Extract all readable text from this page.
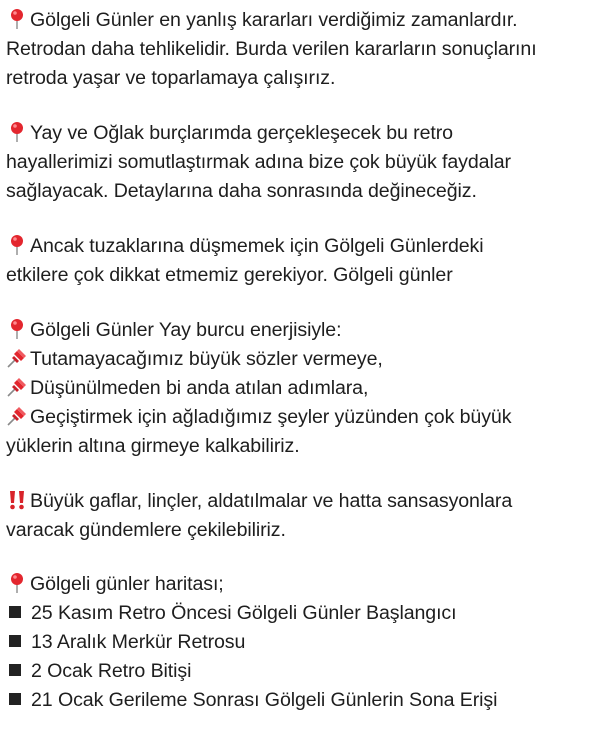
Gölgeli Günler en yanlış kararları verdiğimiz zamanlardır.
Retrodan daha tehlikelidir. Burda verilen kararların sonuçlarını
retroda yaşar ve toparlamaya çalışırız.
Yay ve Oğlak burçlarımda gerçekleşecek bu retro
hayallerimizi somutlaştırmak adına bize çok büyük faydalar
sağlayacak. Detaylarına daha sonrasında değineceğiz.
Ancak tuzaklarına düşmemek için Gölgeli Günlerdeki
etkilere çok dikkat etmemiz gerekiyor. Gölgeli günler
Gölgeli Günler Yay burcu enerjisiyle:
Tutamayacağımız büyük sözler vermeye,
Düşünülmeden bi anda atılan adımlara,
Geçiştirmek için ağladığımız şeyler yüzünden çok büyük
yüklerin altına girmeye kalkabiliriz.
Büyük gaflar, linçler, aldatılmalar ve hatta sansasyonlara
varacak gündemlere çekilebiliriz.
Gölgeli günler haritası;
25 Kasım Retro Öncesi Gölgeli Günler Başlangıcı
13 Aralık Merkür Retrosu
2 Ocak Retro Bitişi
21 Ocak Gerileme Sonrası Gölgeli Günlerin Sona Erişi
